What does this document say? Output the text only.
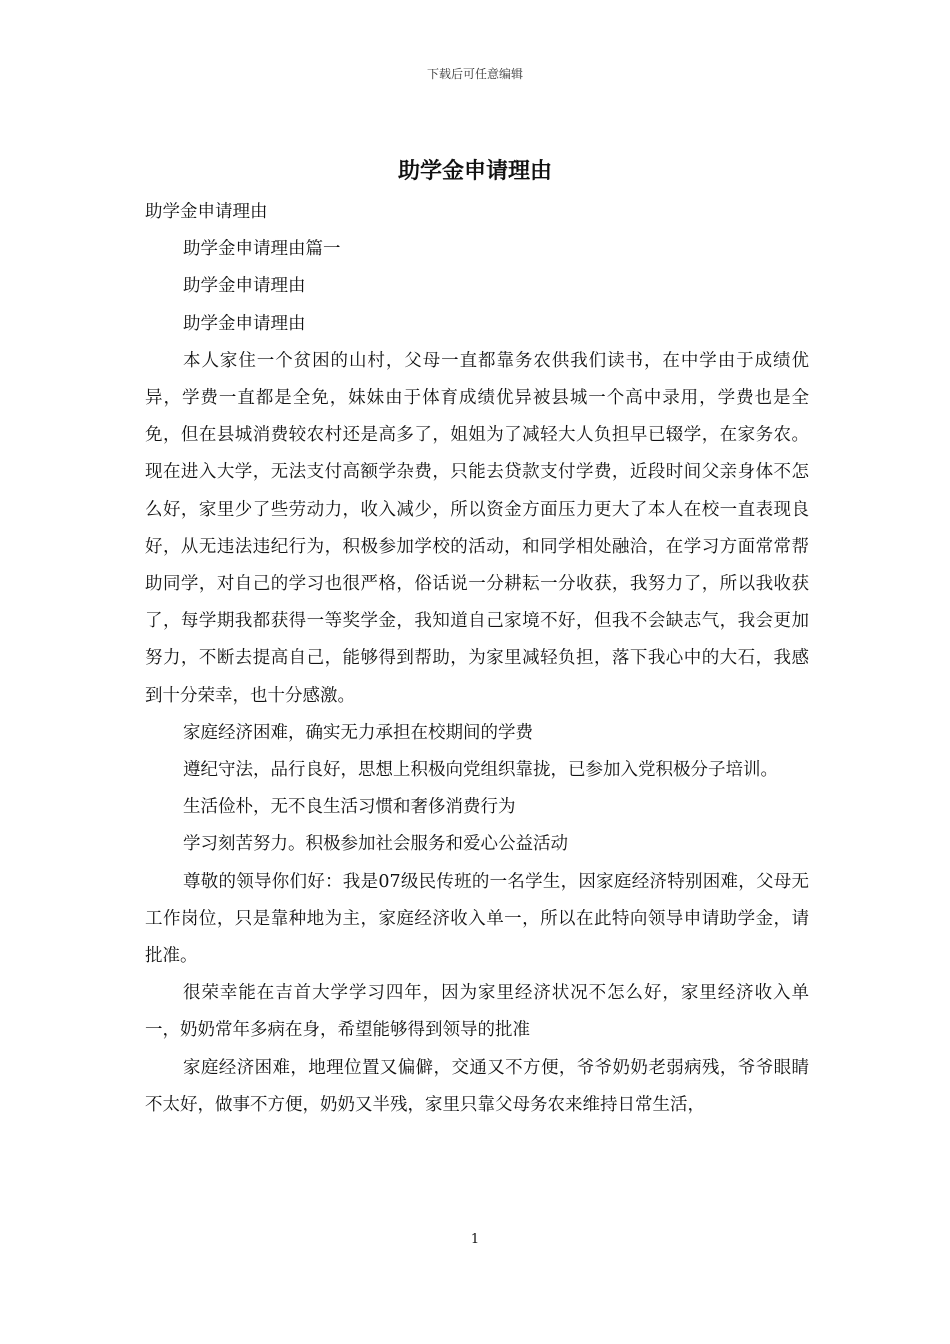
下载后可任意编辑
助学金申请理由

助学金申请理由

助学金申请理由篇一

助学金申请理由

助学金申请理由

本人家住一个贫困的山村，父母一直都靠务农供我们读书，在中学由于成绩优异，学费一直都是全免，妹妹由于体育成绩优异被县城一个高中录用，学费也是全免，但在县城消费较农村还是高多了，姐姐为了减轻大人负担早已辍学，在家务农。现在进入大学，无法支付高额学杂费，只能去贷款支付学费，近段时间父亲身体不怎么好，家里少了些劳动力，收入减少，所以资金方面压力更大了本人在校一直表现良好，从无违法违纪行为，积极参加学校的活动，和同学相处融洽，在学习方面常常帮助同学，对自己的学习也很严格，俗话说一分耕耘一分收获，我努力了，所以我收获了，每学期我都获得一等奖学金，我知道自己家境不好，但我不会缺志气，我会更加努力，不断去提高自己，能够得到帮助，为家里减轻负担，落下我心中的大石，我感到十分荣幸，也十分感激。

家庭经济困难，确实无力承担在校期间的学费

遵纪守法，品行良好，思想上积极向党组织靠拢，已参加入党积极分子培训。

生活俭朴，无不良生活习惯和奢侈消费行为

学习刻苦努力。积极参加社会服务和爱心公益活动

尊敬的领导你们好：我是07级民传班的一名学生，因家庭经济特别困难，父母无工作岗位，只是靠种地为主，家庭经济收入单一，所以在此特向领导申请助学金，请批准。

很荣幸能在吉首大学学习四年，因为家里经济状况不怎么好，家里经济收入单一，奶奶常年多病在身，希望能够得到领导的批准

家庭经济困难，地理位置又偏僻，交通又不方便，爷爷奶奶老弱病残，爷爷眼睛不太好，做事不方便，奶奶又半残，家里只靠父母务农来维持日常生活，

1
